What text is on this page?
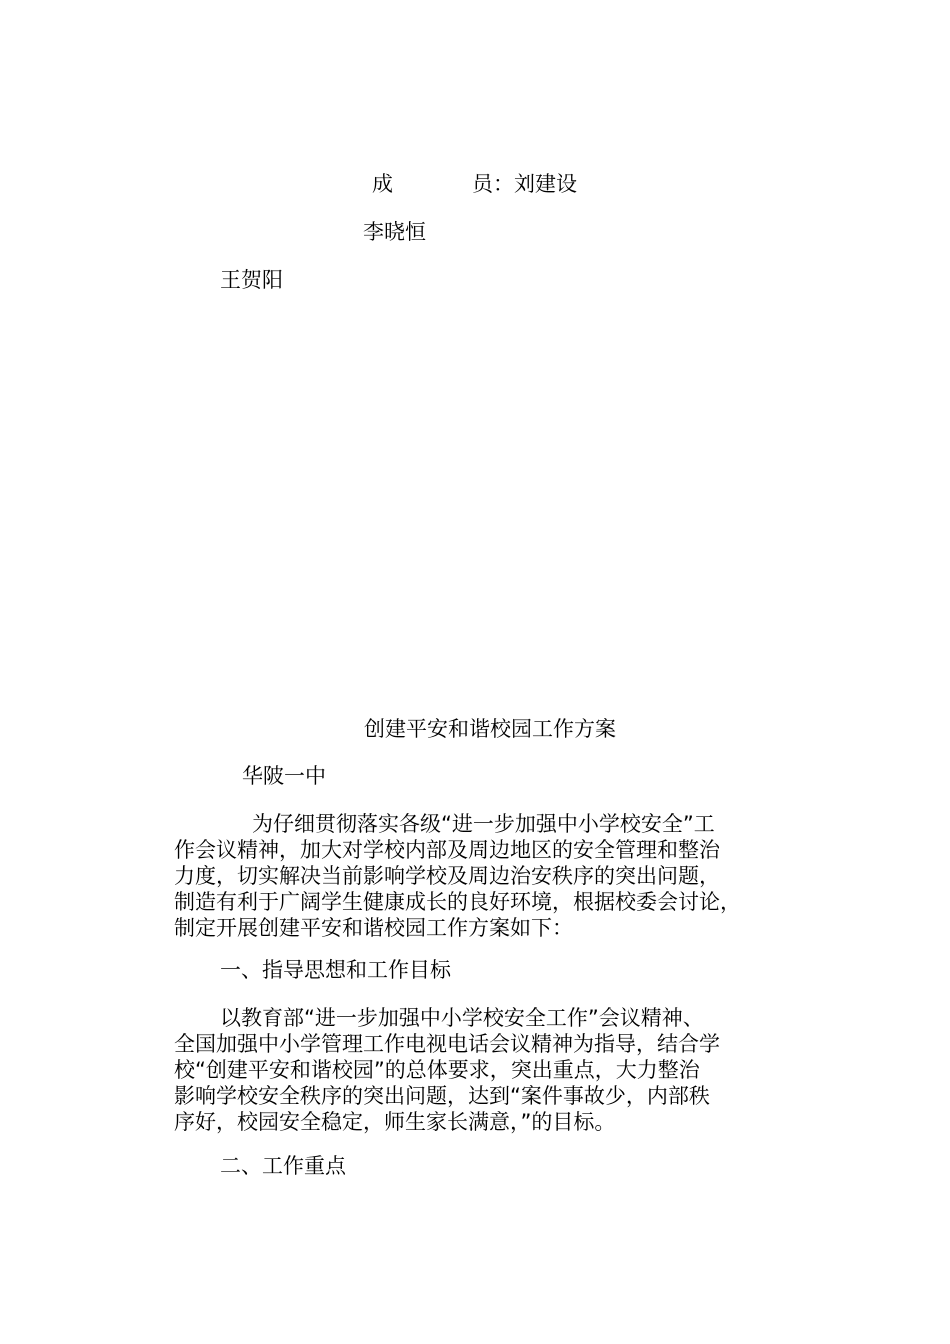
成	员：刘建设
李晓恒
王贺阳
创建平安和谐校园工作方案
华陂一中
为仔细贯彻落实各级“进一步加强中小学校安全”工
作会议精神，加大对学校内部及周边地区的安全管理和整治
力度，切实解决当前影响学校及周边治安秩序的突出问题，
制造有利于广阔学生健康成长的良好环境，根据校委会讨论，
制定开展创建平安和谐校园工作方案如下：
一、指导思想和工作目标
以教育部“进一步加强中小学校安全工作”会议精神、
全国加强中小学管理工作电视电话会议精神为指导，结合学
校“创建平安和谐校园”的总体要求，突出重点，大力整治
影响学校安全秩序的突出问题，达到“案件事故少，内部秩
序好，校园安全稳定，师生家长满意，”的目标。
二、工作重点
